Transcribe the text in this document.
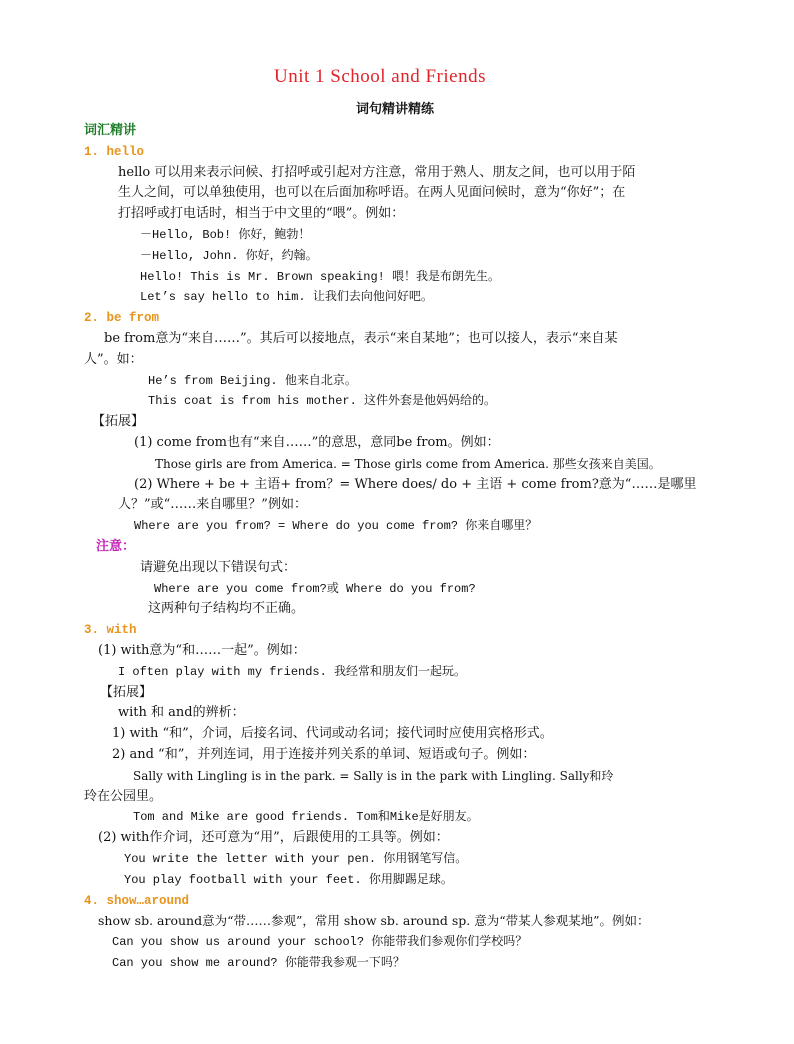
Unit 1 School and Friends
词句精讲精练
词汇精讲
1. hello
hello 可以用来表示问候、打招呼或引起对方注意，常用于熟人、朋友之间，也可以用于陌
生人之间，可以单独使用，也可以在后面加称呼语。在两人见面问候时，意为“你好”；在
打招呼或打电话时，相当于中文里的“喂”。例如：
－Hello, Bob! 你好，鲍勃！
－Hello, John. 你好，约翰。
Hello! This is Mr. Brown speaking! 喂！我是布朗先生。
Let’s say hello to him. 让我们去向他问好吧。
2. be from
be from意为“来自……”。其后可以接地点，表示“来自某地”；也可以接人，表示“来自某
人”。如：
He’s from Beijing. 他来自北京。
This coat is from his mother. 这件外套是他妈妈给的。
【拓展】
(1) come from也有“来自……”的意思，意同be from。例如：
Those girls are from America. = Those girls come from America. 那些女孩来自美国。
(2) Where + be + 主语+ from？= Where does/ do + 主语 + come from?意为“……是哪里
人？”或“……来自哪里？”例如：
Where are you from? = Where do you come from? 你来自哪里？
注意：
请避免出现以下错误句式：
Where are you come from?或 Where do you from?
这两种句子结构均不正确。
3. with
(1) with意为“和……一起”。例如：
I often play with my friends. 我经常和朋友们一起玩。
【拓展】
with 和 and的辨析：
1) with “和”，介词，后接名词、代词或动名词；接代词时应使用宾格形式。
2) and “和”，并列连词，用于连接并列关系的单词、短语或句子。例如：
Sally with Lingling is in the park. = Sally is in the park with Lingling. Sally和玲
玲在公园里。
Tom and Mike are good friends. Tom和Mike是好朋友。
(2) with作介词，还可意为“用”，后跟使用的工具等。例如：
You write the letter with your pen. 你用钢笔写信。
You play football with your feet. 你用脚踢足球。
4. show…around
show sb. around意为“带……参观”，常用 show sb. around sp. 意为“带某人参观某地”。例如：
Can you show us around your school? 你能带我们参观你们学校吗？
Can you show me around? 你能带我参观一下吗？
